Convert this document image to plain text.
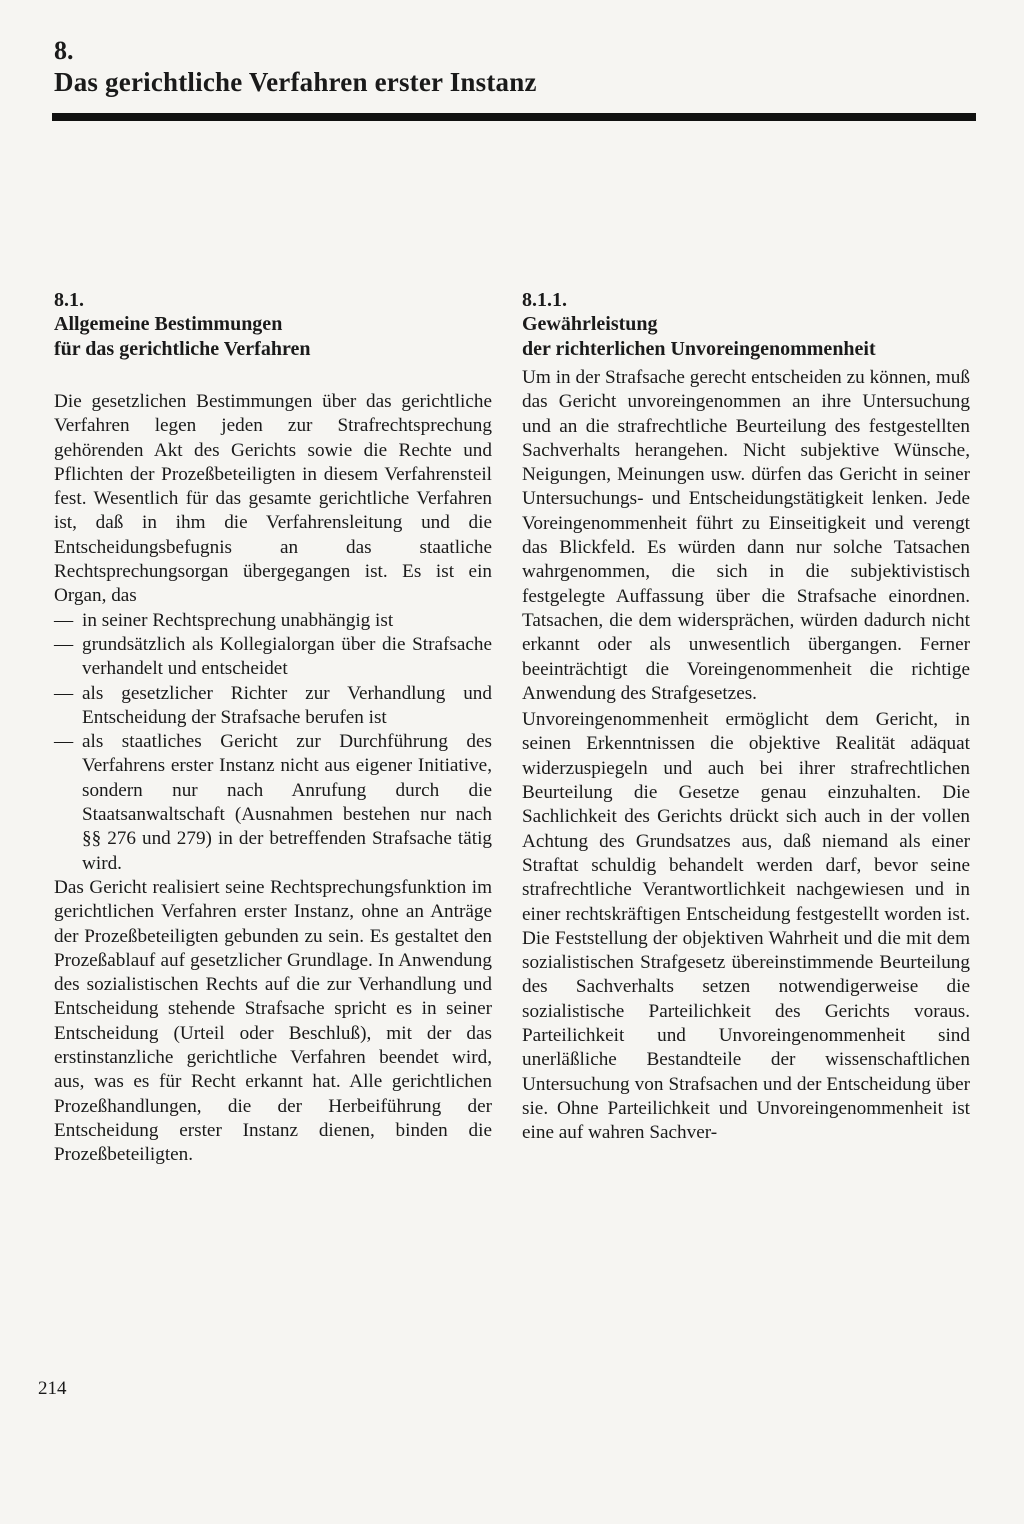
8.
Das gerichtliche Verfahren erster Instanz
8.1.
Allgemeine Bestimmungen
für das gerichtliche Verfahren

Die gesetzlichen Bestimmungen über das gerichtliche Verfahren legen jeden zur Strafrechtsprechung gehörenden Akt des Gerichts sowie die Rechte und Pflichten der Prozeßbeteiligten in diesem Verfahrensteil fest. Wesentlich für das gesamte gerichtliche Verfahren ist, daß in ihm die Verfahrensleitung und die Entscheidungsbefugnis an das staatliche Rechtsprechungsorgan übergegangen ist. Es ist ein Organ, das

— in seiner Rechtsprechung unabhängig ist
— grundsätzlich als Kollegialorgan über die Strafsache verhandelt und entscheidet
— als gesetzlicher Richter zur Verhandlung und Entscheidung der Strafsache berufen ist
— als staatliches Gericht zur Durchführung des Verfahrens erster Instanz nicht aus eigener Initiative, sondern nur nach Anrufung durch die Staatsanwaltschaft (Ausnahmen bestehen nur nach §§ 276 und 279) in der betreffenden Strafsache tätig wird.

Das Gericht realisiert seine Rechtsprechungsfunktion im gerichtlichen Verfahren erster Instanz, ohne an Anträge der Prozeßbeteiligten gebunden zu sein. Es gestaltet den Prozeßablauf auf gesetzlicher Grundlage. In Anwendung des sozialistischen Rechts auf die zur Verhandlung und Entscheidung stehende Strafsache spricht es in seiner Entscheidung (Urteil oder Beschluß), mit der das erstinstanzliche gerichtliche Verfahren beendet wird, aus, was es für Recht erkannt hat. Alle gerichtlichen Prozeßhandlungen, die der Herbeiführung der Entscheidung erster Instanz dienen, binden die Prozeßbeteiligten.

8.1.1.
Gewährleistung
der richterlichen Unvoreingenommenheit

Um in der Strafsache gerecht entscheiden zu können, muß das Gericht unvoreingenommen an ihre Untersuchung und an die strafrechtliche Beurteilung des festgestellten Sachverhalts herangehen. Nicht subjektive Wünsche, Neigungen, Meinungen usw. dürfen das Gericht in seiner Untersuchungs- und Entscheidungstätigkeit lenken. Jede Voreingenommenheit führt zu Einseitigkeit und verengt das Blickfeld. Es würden dann nur solche Tatsachen wahrgenommen, die sich in die subjektivistisch festgelegte Auffassung über die Strafsache einordnen. Tatsachen, die dem widersprächen, würden dadurch nicht erkannt oder als unwesentlich übergangen. Ferner beeinträchtigt die Voreingenommenheit die richtige Anwendung des Strafgesetzes.

Unvoreingenommenheit ermöglicht dem Gericht, in seinen Erkenntnissen die objektive Realität adäquat widerzuspiegeln und auch bei ihrer strafrechtlichen Beurteilung die Gesetze genau einzuhalten. Die Sachlichkeit des Gerichts drückt sich auch in der vollen Achtung des Grundsatzes aus, daß niemand als einer Straftat schuldig behandelt werden darf, bevor seine strafrechtliche Verantwortlichkeit nachgewiesen und in einer rechtskräftigen Entscheidung festgestellt worden ist. Die Feststellung der objektiven Wahrheit und die mit dem sozialistischen Strafgesetz übereinstimmende Beurteilung des Sachverhalts setzen notwendigerweise die sozialistische Parteilichkeit des Gerichts voraus. Parteilichkeit und Unvoreingenommenheit sind unerläßliche Bestandteile der wissenschaftlichen Untersuchung von Strafsachen und der Entscheidung über sie. Ohne Parteilichkeit und Unvoreingenommenheit ist eine auf wahren Sachver-

214
